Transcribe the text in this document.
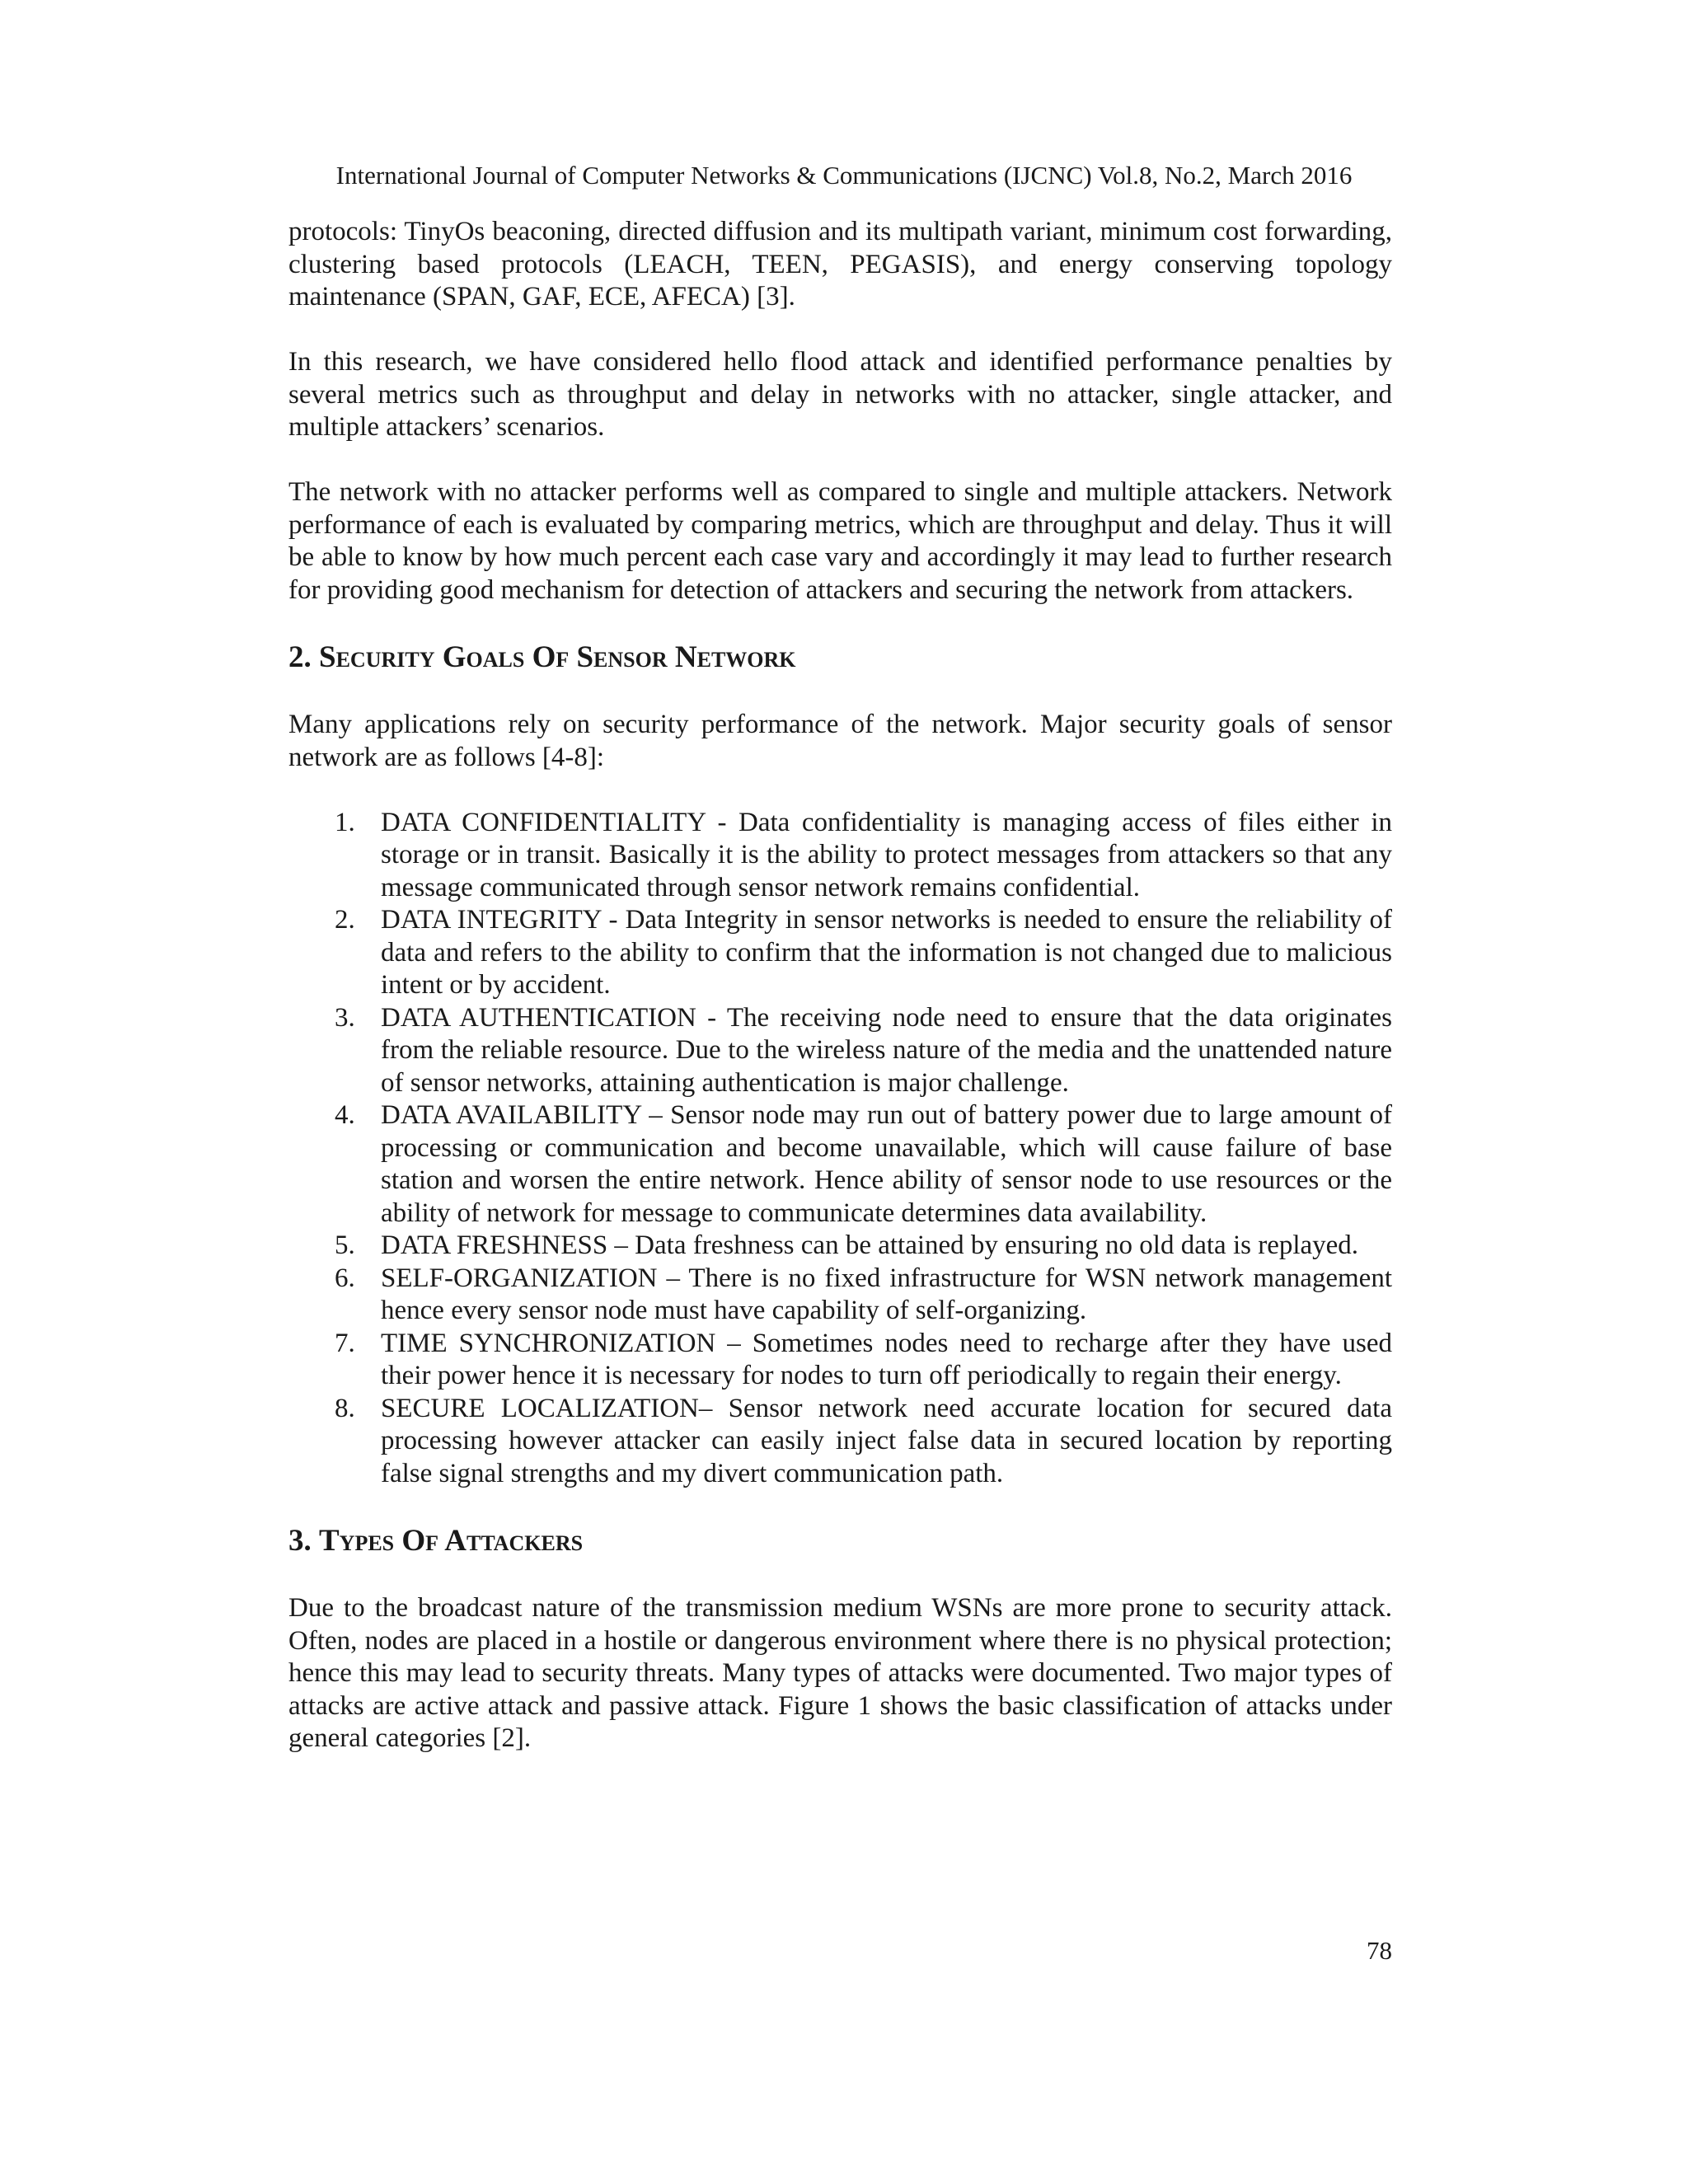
International Journal of Computer Networks & Communications (IJCNC) Vol.8, No.2, March 2016

protocols: TinyOs beaconing, directed diffusion and its multipath variant, minimum cost forwarding, clustering based protocols (LEACH, TEEN, PEGASIS), and energy conserving topology maintenance (SPAN, GAF, ECE, AFECA) [3].

In this research, we have considered hello flood attack and identified performance penalties by several metrics such as throughput and delay in networks with no attacker, single attacker, and multiple attackers’ scenarios.

The network with no attacker performs well as compared to single and multiple attackers. Network performance of each is evaluated by comparing metrics, which are throughput and delay. Thus it will be able to know by how much percent each case vary and accordingly it may lead to further research for providing good mechanism for detection of attackers and securing the network from attackers.

2. Security Goals Of Sensor Network

Many applications rely on security performance of the network. Major security goals of sensor network are as follows [4-8]:

1. DATA CONFIDENTIALITY - Data confidentiality is managing access of files either in storage or in transit. Basically it is the ability to protect messages from attackers so that any message communicated through sensor network remains confidential.
2. DATA INTEGRITY - Data Integrity in sensor networks is needed to ensure the reliability of data and refers to the ability to confirm that the information is not changed due to malicious intent or by accident.
3. DATA AUTHENTICATION - The receiving node need to ensure that the data originates from the reliable resource. Due to the wireless nature of the media and the unattended nature of sensor networks, attaining authentication is major challenge.
4. DATA AVAILABILITY – Sensor node may run out of battery power due to large amount of processing or communication and become unavailable, which will cause failure of base station and worsen the entire network. Hence ability of sensor node to use resources or the ability of network for message to communicate determines data availability.
5. DATA FRESHNESS – Data freshness can be attained by ensuring no old data is replayed.
6. SELF-ORGANIZATION – There is no fixed infrastructure for WSN network management hence every sensor node must have capability of self-organizing.
7. TIME SYNCHRONIZATION – Sometimes nodes need to recharge after they have used their power hence it is necessary for nodes to turn off periodically to regain their energy.
8. SECURE LOCALIZATION– Sensor network need accurate location for secured data processing however attacker can easily inject false data in secured location by reporting false signal strengths and my divert communication path.
3. Types Of Attackers

Due to the broadcast nature of the transmission medium WSNs are more prone to security attack. Often, nodes are placed in a hostile or dangerous environment where there is no physical protection; hence this may lead to security threats. Many types of attacks were documented. Two major types of attacks are active attack and passive attack. Figure 1 shows the basic classification of attacks under general categories [2].

78
